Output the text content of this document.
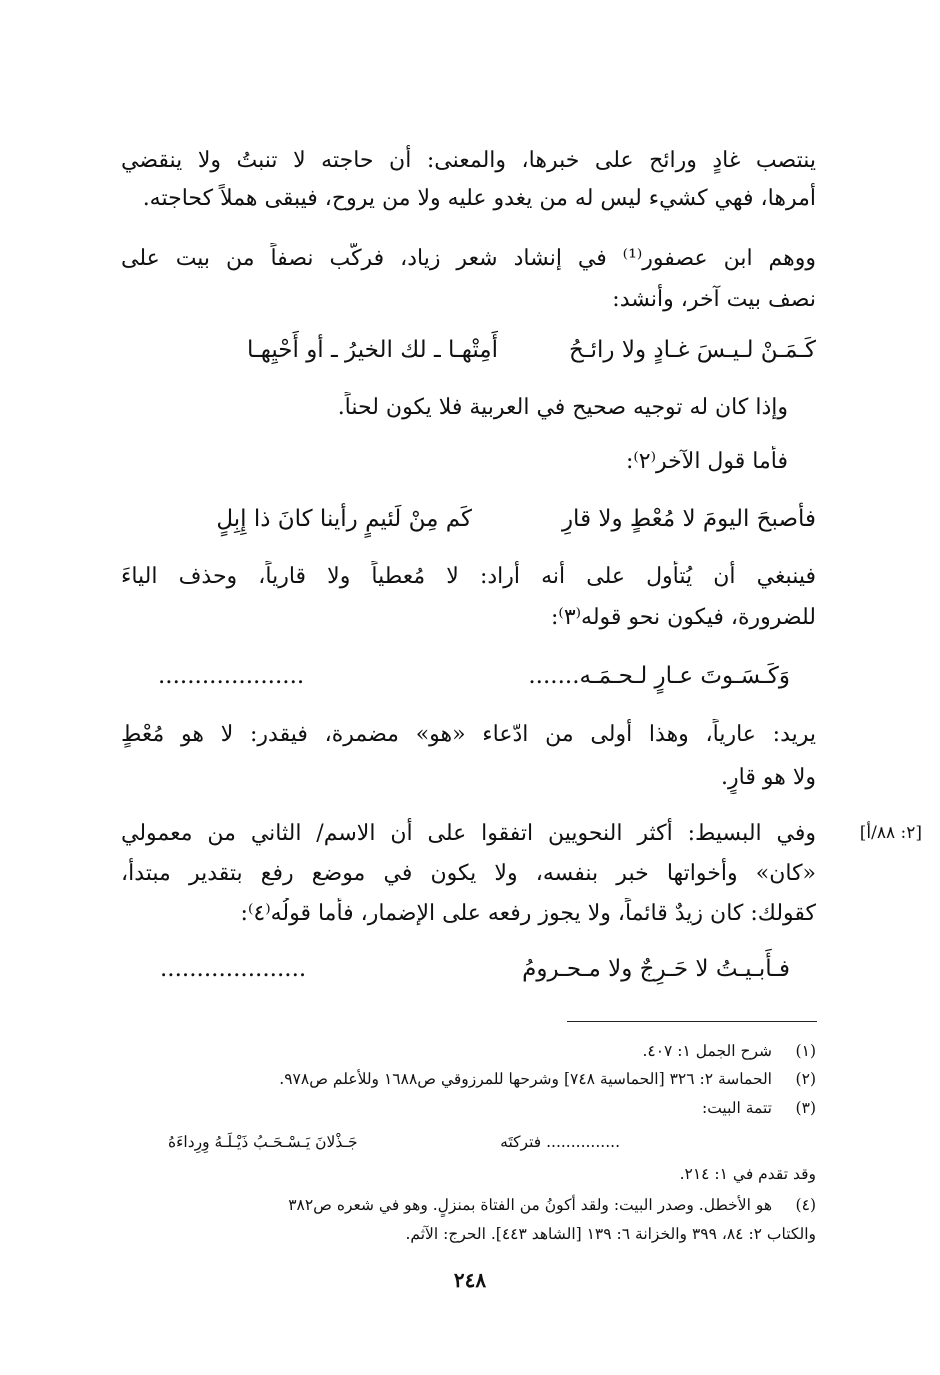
ينتصب غادٍ ورائح على خبرها، والمعنى: أن حاجته لا تنبتُ ولا ينقضي
أمرها، فهي كشيء ليس له من يغدو عليه ولا من يروح، فيبقى هملاً كحاجته.
ووهم ابن عصفور⁽¹⁾ في إنشاد شعر زياد، فركَّب نصفاً من بيت على
نصف بيت آخر، وأنشد:
أَمِتْهـا ـ لك الخيرُ ـ أو أَحْيِهـا	كَـمَـنْ لـيـسَ غـادٍ ولا رائـحُ
وإذا كان له توجيه صحيح في العربية فلا يكون لحناً.
فأما قول الآخر⁽٢⁾:
كَم مِنْ لَئيمٍ رأينا كانَ ذا إِبِلٍ	فأصبحَ اليومَ لا مُعْطٍ ولا قارِ
فينبغي أن يُتأول على أنه أراد: لا مُعطياً ولا قارياً، وحذف الياءَ
للضرورة، فيكون نحو قوله⁽٣⁾:
وَكَـسَـوتَ عـارٍ لـحـمَـه.......
....................
يريد: عارياً، وهذا أولى من ادّعاء «هو» مضمرة، فيقدر: لا هو مُعْطٍ
ولا هو قارٍ.
[٢: ٨٨/أ]
وفي البسيط: أكثر النحويين اتفقوا على أن الاسم/ الثاني من معمولي
«كان» وأخواتها خبر بنفسه، ولا يكون في موضع رفع بتقدير مبتدأ،
كقولك: كان زيدٌ قائماً، ولا يجوز رفعه على الإضمار، فأما قولُه⁽٤⁾:
....................	فـأَبـيـتُ لا حَـرِجٌ ولا مـحـرومُ
(١)شرح الجمل ١: ٤٠٧.
(٢)الحماسة ٢: ٣٢٦ [الحماسية ٧٤٨] وشرحها للمرزوقي ص١٦٨٨ وللأعلم ص٩٧٨.
(٣)تتمة البيت:
جَـذْلانَ يَـسْـحَـبُ ذَيْـلَـهُ وِرِداءَهُ	............... فتركتَه
وقد تقدم في ١: ٢١٤.
(٤)هو الأخطل. وصدر البيت: ولقد أكونُ من الفتاة بمنزلٍ. وهو في شعره ص٣٨٢
والكتاب ٢: ٨٤، ٣٩٩ والخزانة ٦: ١٣٩ [الشاهد ٤٤٣]. الحرج: الآثم.
٢٤٨
